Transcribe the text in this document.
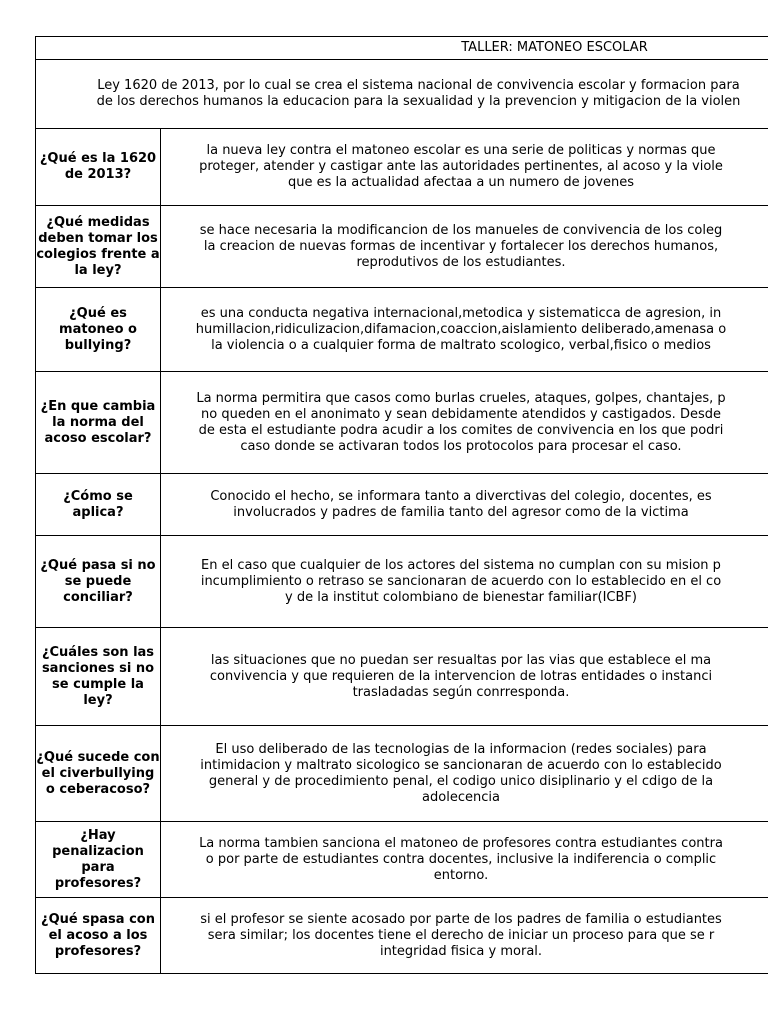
TALLER: MATONEO ESCOLAR	

Ley 1620 de 2013, por lo cual se crea el sistema nacional de convivencia escolar y formacion para
de los derechos humanos la educacion para la sexualidad y la prevencion y mitigacion de la violen	

¿Qué es la 1620 de 2013?	la nueva ley contra el matoneo escolar es una serie de politicas y normas que
proteger, atender y castigar ante las autoridades pertinentes, al acoso y la viole
que es la actualidad afectaa a un numero de jovenes

¿Qué medidas deben tomar los colegios frente a la ley?	se hace necesaria la modificancion de los manueles de convivencia de los coleg
la creacion de nuevas formas de incentivar y fortalecer los derechos humanos,
reprodutivos de los estudiantes.

¿Qué es matoneo o bullying?	es una conducta negativa internacional,metodica y sistematicca de agresion, in
humillacion,ridiculizacion,difamacion,coaccion,aislamiento deliberado,amenasa o
la violencia o a cualquier forma de maltrato scologico, verbal,fisico o medios

¿En que cambia la norma del acoso escolar?	La norma permitira que casos como burlas crueles, ataques, golpes, chantajes, p
no queden en el anonimato y sean debidamente atendidos y castigados. Desde
de esta el estudiante podra acudir a los comites de convivencia en los que podri
caso donde se activaran todos los protocolos para procesar el caso.

¿Cómo se aplica?	Conocido el hecho, se informara tanto a diverctivas del colegio, docentes, es
involucrados y padres de familia tanto del agresor como de la victima

¿Qué pasa si no se puede conciliar?	En el caso que cualquier de los actores del sistema no cumplan con su mision p
incumplimiento o retraso se sancionaran de acuerdo con lo establecido en el co
y de la institut colombiano de bienestar familiar(ICBF)

¿Cuáles son las sanciones si no se cumple la ley?	las situaciones que no puedan ser resualtas por las vias que establece el ma
convivencia y que requieren de la intervencion de lotras entidades o instanci
trasladadas según conrresponda.

¿Qué sucede con el civerbullying o ceberacoso?	El uso deliberado de las tecnologias de la informacion (redes sociales) para
intimidacion y maltrato sicologico se sancionaran de acuerdo con lo establecido
general y de procedimiento penal, el codigo unico disiplinario y el cdigo de la
adolecencia

¿Hay penalizacion para profesores?	La norma tambien sanciona el matoneo de profesores contra estudiantes contra
o por parte de estudiantes contra docentes, inclusive la indiferencia o complic
entorno.

¿Qué spasa con el acoso a los profesores?	si el profesor se siente acosado por parte de los padres de familia o estudiantes
sera similar; los docentes tiene el derecho de iniciar un proceso para que se r
integridad fisica y moral.
